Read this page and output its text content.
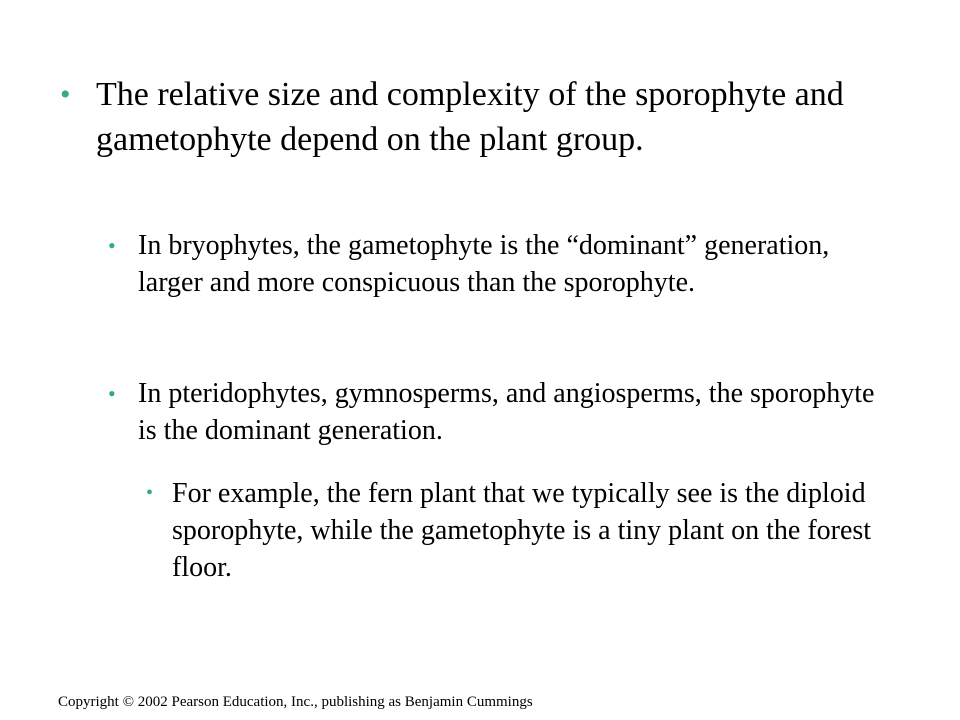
• The relative size and complexity of the sporophyte and gametophyte depend on the plant group.
• In bryophytes, the gametophyte is the “dominant” generation, larger and more conspicuous than the sporophyte.
• In pteridophytes, gymnosperms, and angiosperms, the sporophyte is the dominant generation.
• For example, the fern plant that we typically see is the diploid sporophyte, while the gametophyte is a tiny plant on the forest floor.
Copyright © 2002 Pearson Education, Inc., publishing as Benjamin Cummings
